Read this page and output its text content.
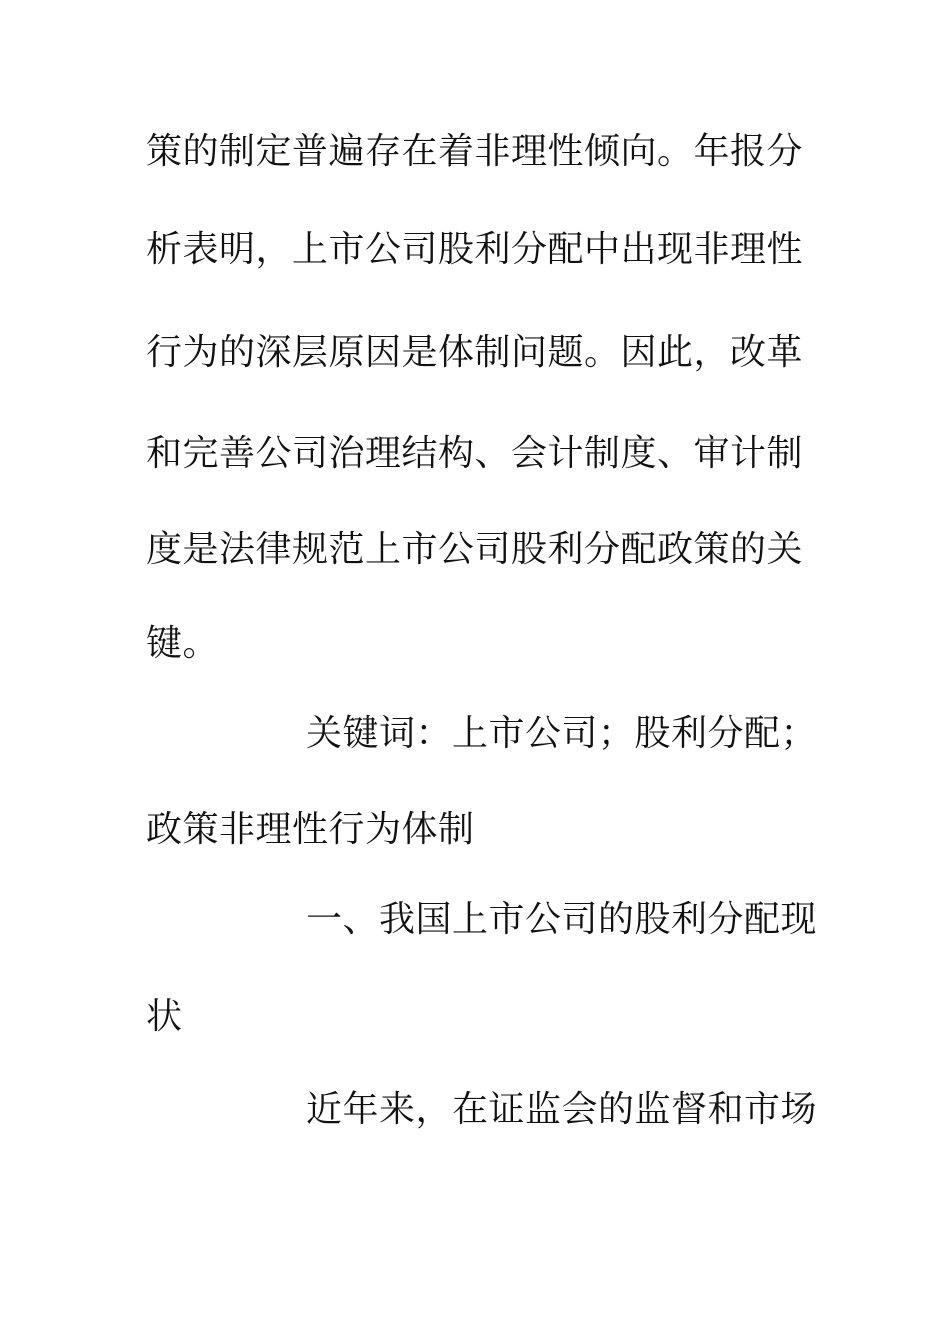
策的制定普遍存在着非理性倾向。年报分
析表明，上市公司股利分配中出现非理性
行为的深层原因是体制问题。因此，改革
和完善公司治理结构、会计制度、审计制
度是法律规范上市公司股利分配政策的关
键。
关键词：上市公司；股利分配；
政策非理性行为体制
一、我国上市公司的股利分配现
状
近年来，在证监会的监督和市场
